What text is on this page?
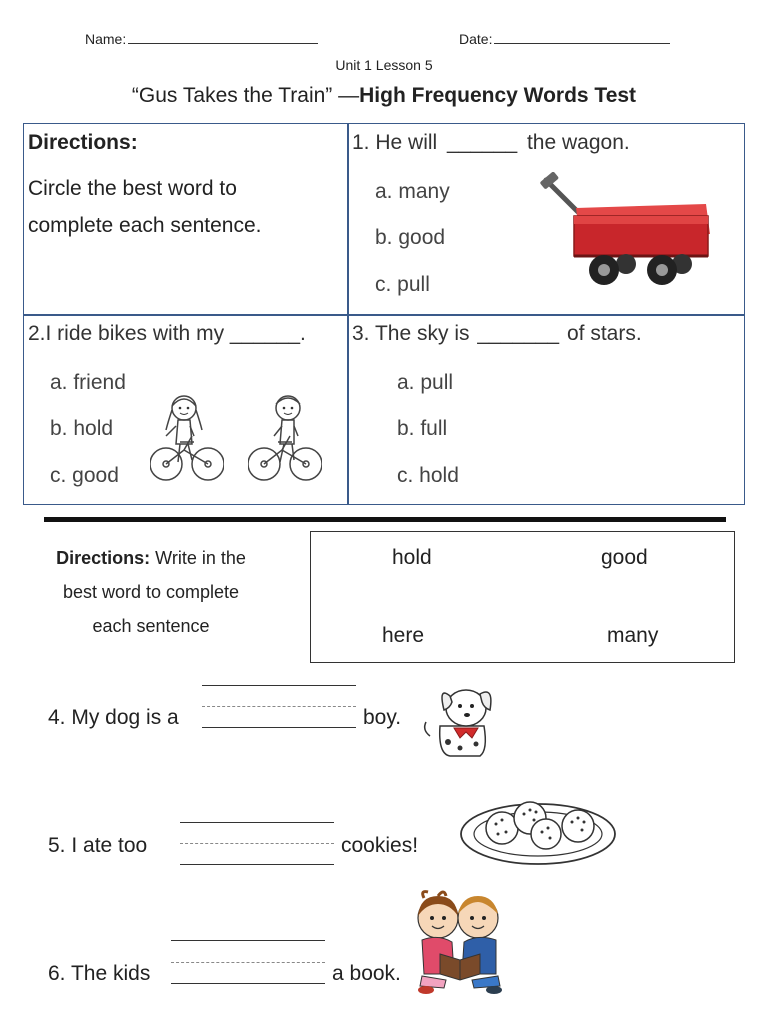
Name:	Date:
Unit 1 Lesson 5
“Gus Takes the Train” —High Frequency Words Test
Directions:
Circle the best word to
complete each sentence.
1. He will ______ the wagon.
a. many
b. good
c. pull
2.I ride bikes with my ______.
a. friend
b. hold
c. good
3. The sky is _______ of stars.
a. pull
b. full
c. hold
Directions: Write in the
best word to complete
each sentence
hold	good
here	many
4. My dog is a	boy.
5. I ate too	cookies!
6. The kids	a book.
